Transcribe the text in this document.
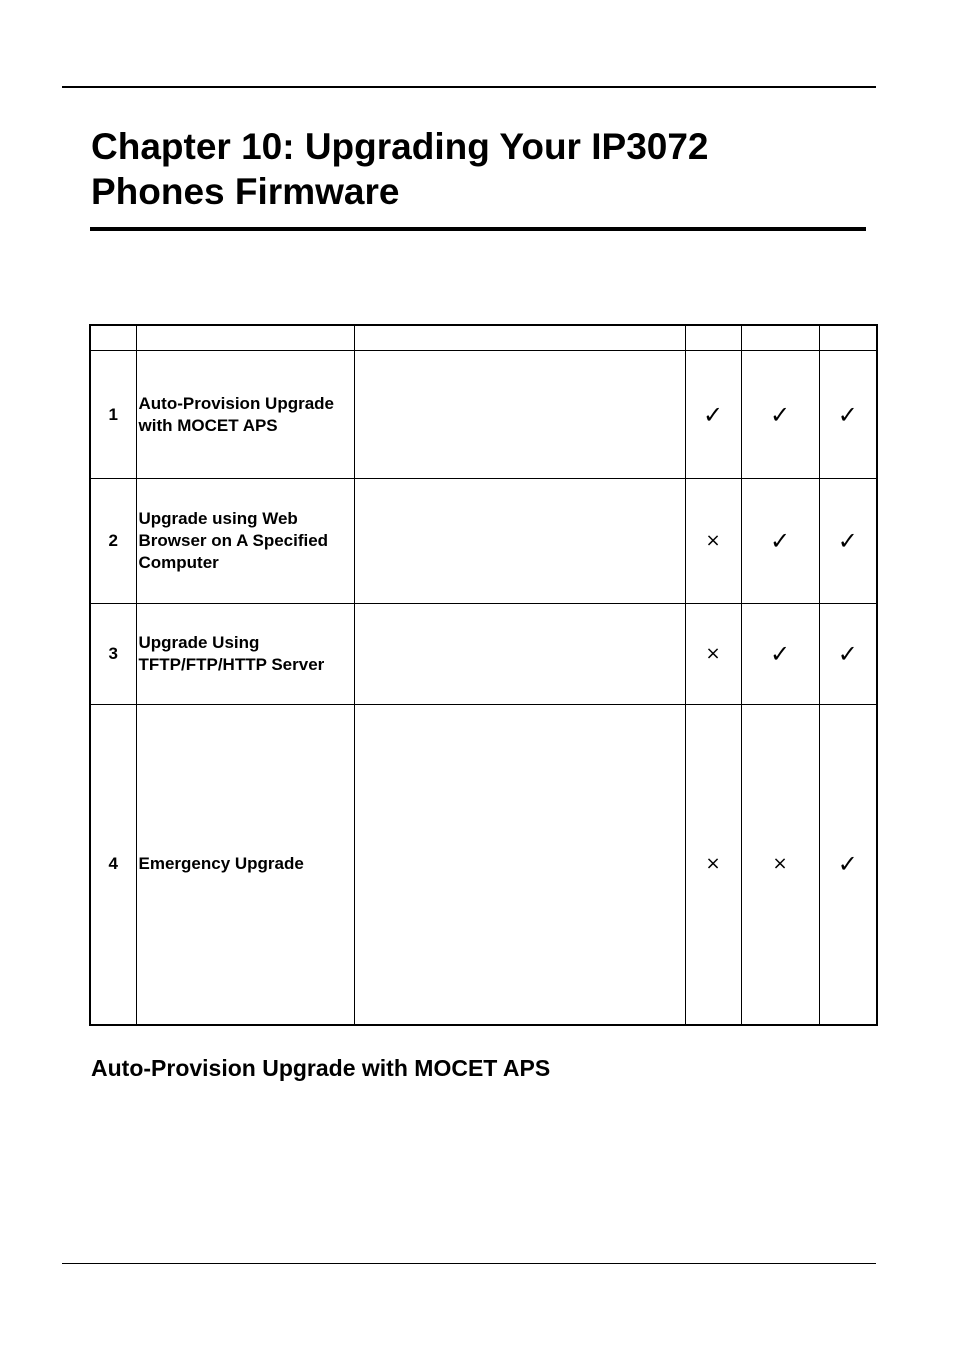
Chapter 10: Upgrading Your IP3072
Phones Firmware

1	Auto-Provision Upgrade with MOCET APS		✓	✓	✓
2	Upgrade using Web Browser on A Specified Computer		×	✓	✓
3	Upgrade Using TFTP/FTP/HTTP Server		×	✓	✓
4	Emergency Upgrade		×	×	✓
Auto-Provision Upgrade with MOCET APS
